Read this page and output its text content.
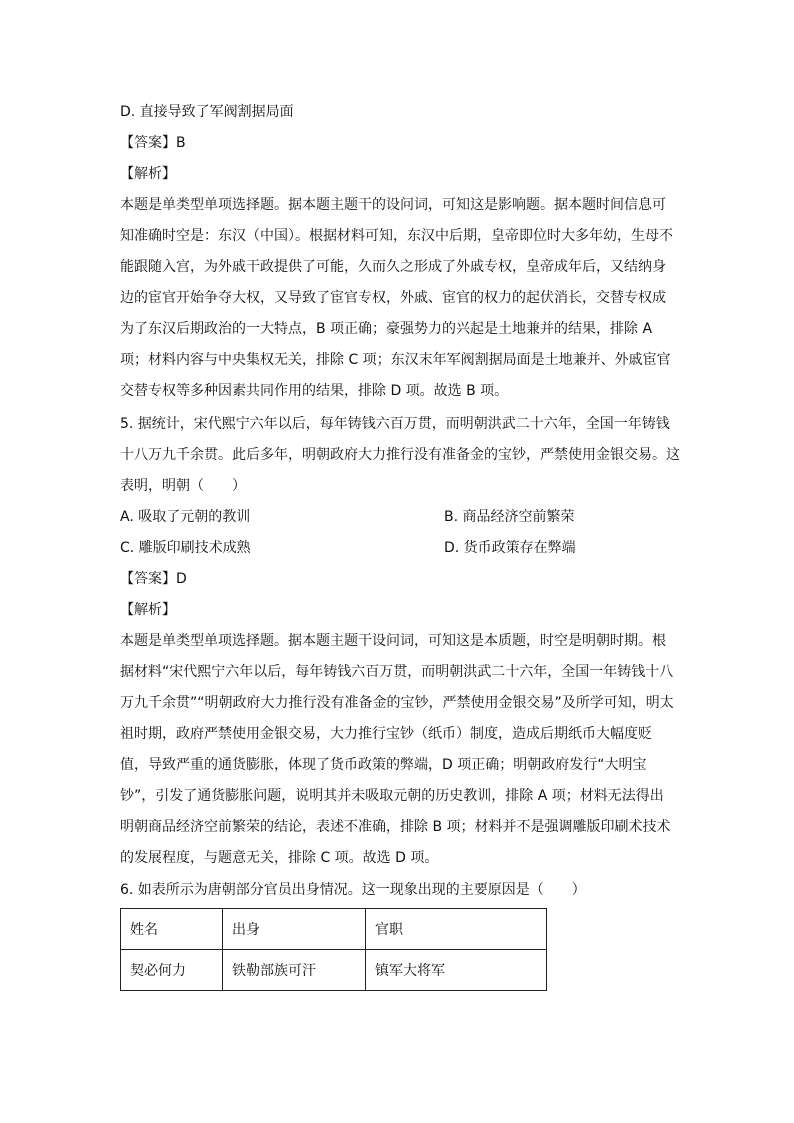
D. 直接导致了军阀割据局面
【答案】B
【解析】
本题是单类型单项选择题。据本题主题干的设问词，可知这是影响题。据本题时间信息可
知准确时空是：东汉（中国）。根据材料可知，东汉中后期，皇帝即位时大多年幼，生母不
能跟随入宫，为外戚干政提供了可能，久而久之形成了外戚专权，皇帝成年后，又结纳身
边的宦官开始争夺大权，又导致了宦官专权，外戚、宦官的权力的起伏消长，交替专权成
为了东汉后期政治的一大特点，B 项正确；豪强势力的兴起是土地兼并的结果，排除 A
项；材料内容与中央集权无关，排除 C 项；东汉末年军阀割据局面是土地兼并、外戚宦官
交替专权等多种因素共同作用的结果，排除 D 项。故选 B 项。
5. 据统计，宋代熙宁六年以后，每年铸钱六百万贯，而明朝洪武二十六年，全国一年铸钱
十八万九千余贯。此后多年，明朝政府大力推行没有准备金的宝钞，严禁使用金银交易。这
表明，明朝（　　）
A. 吸取了元朝的教训	B. 商品经济空前繁荣
C. 雕版印刷技术成熟	D. 货币政策存在弊端
【答案】D
【解析】
本题是单类型单项选择题。据本题主题干设问词，可知这是本质题，时空是明朝时期。根
据材料“宋代熙宁六年以后，每年铸钱六百万贯，而明朝洪武二十六年，全国一年铸钱十八
万九千余贯”“明朝政府大力推行没有准备金的宝钞，严禁使用金银交易”及所学可知，明太
祖时期，政府严禁使用金银交易，大力推行宝钞（纸币）制度，造成后期纸币大幅度贬
值，导致严重的通货膨胀，体现了货币政策的弊端，D 项正确；明朝政府发行“大明宝
钞”，引发了通货膨胀问题，说明其并未吸取元朝的历史教训，排除 A 项；材料无法得出
明朝商品经济空前繁荣的结论，表述不准确，排除 B 项；材料并不是强调雕版印刷术技术
的发展程度，与题意无关，排除 C 项。故选 D 项。
6. 如表所示为唐朝部分官员出身情况。这一现象出现的主要原因是（　　）
姓名	出身	官职
契必何力	铁勒部族可汗	镇军大将军
